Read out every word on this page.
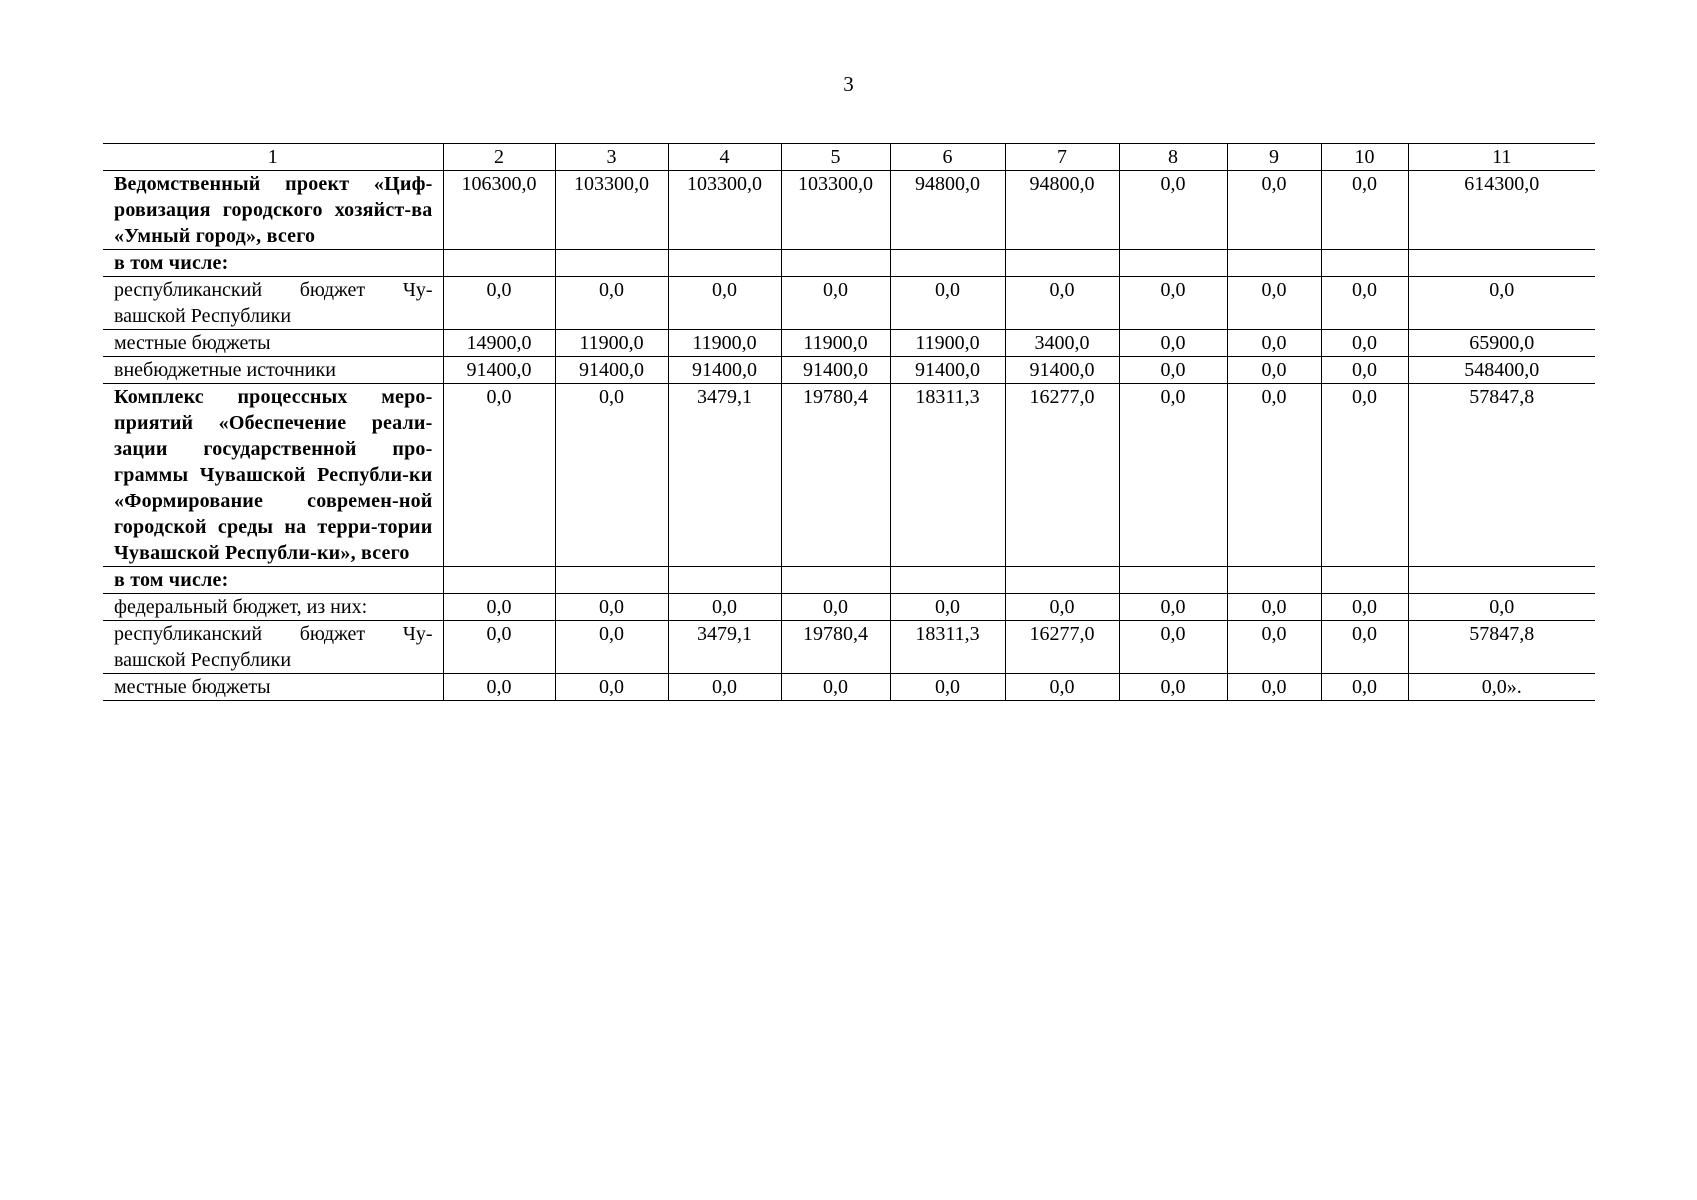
3
1	2	3	4	5	6	7	8	9	10	11
Ведомственный проект «Циф-ровизация городского хозяйст-ва «Умный город», всего	106300,0	103300,0	103300,0	103300,0	94800,0	94800,0	0,0	0,0	0,0	614300,0
в том числе:										
республиканский бюджет Чу-вашской Республики	0,0	0,0	0,0	0,0	0,0	0,0	0,0	0,0	0,0	0,0
местные бюджеты	14900,0	11900,0	11900,0	11900,0	11900,0	3400,0	0,0	0,0	0,0	65900,0
внебюджетные источники	91400,0	91400,0	91400,0	91400,0	91400,0	91400,0	0,0	0,0	0,0	548400,0
Комплекс процессных меро-приятий «Обеспечение реали-зации государственной про-граммы Чувашской Республи-ки «Формирование современ-ной городской среды на терри-тории Чувашской Республи-ки», всего	0,0	0,0	3479,1	19780,4	18311,3	16277,0	0,0	0,0	0,0	57847,8
в том числе:										
федеральный бюджет, из них:	0,0	0,0	0,0	0,0	0,0	0,0	0,0	0,0	0,0	0,0
республиканский бюджет Чу-вашской Республики	0,0	0,0	3479,1	19780,4	18311,3	16277,0	0,0	0,0	0,0	57847,8
местные бюджеты	0,0	0,0	0,0	0,0	0,0	0,0	0,0	0,0	0,0	0,0».
